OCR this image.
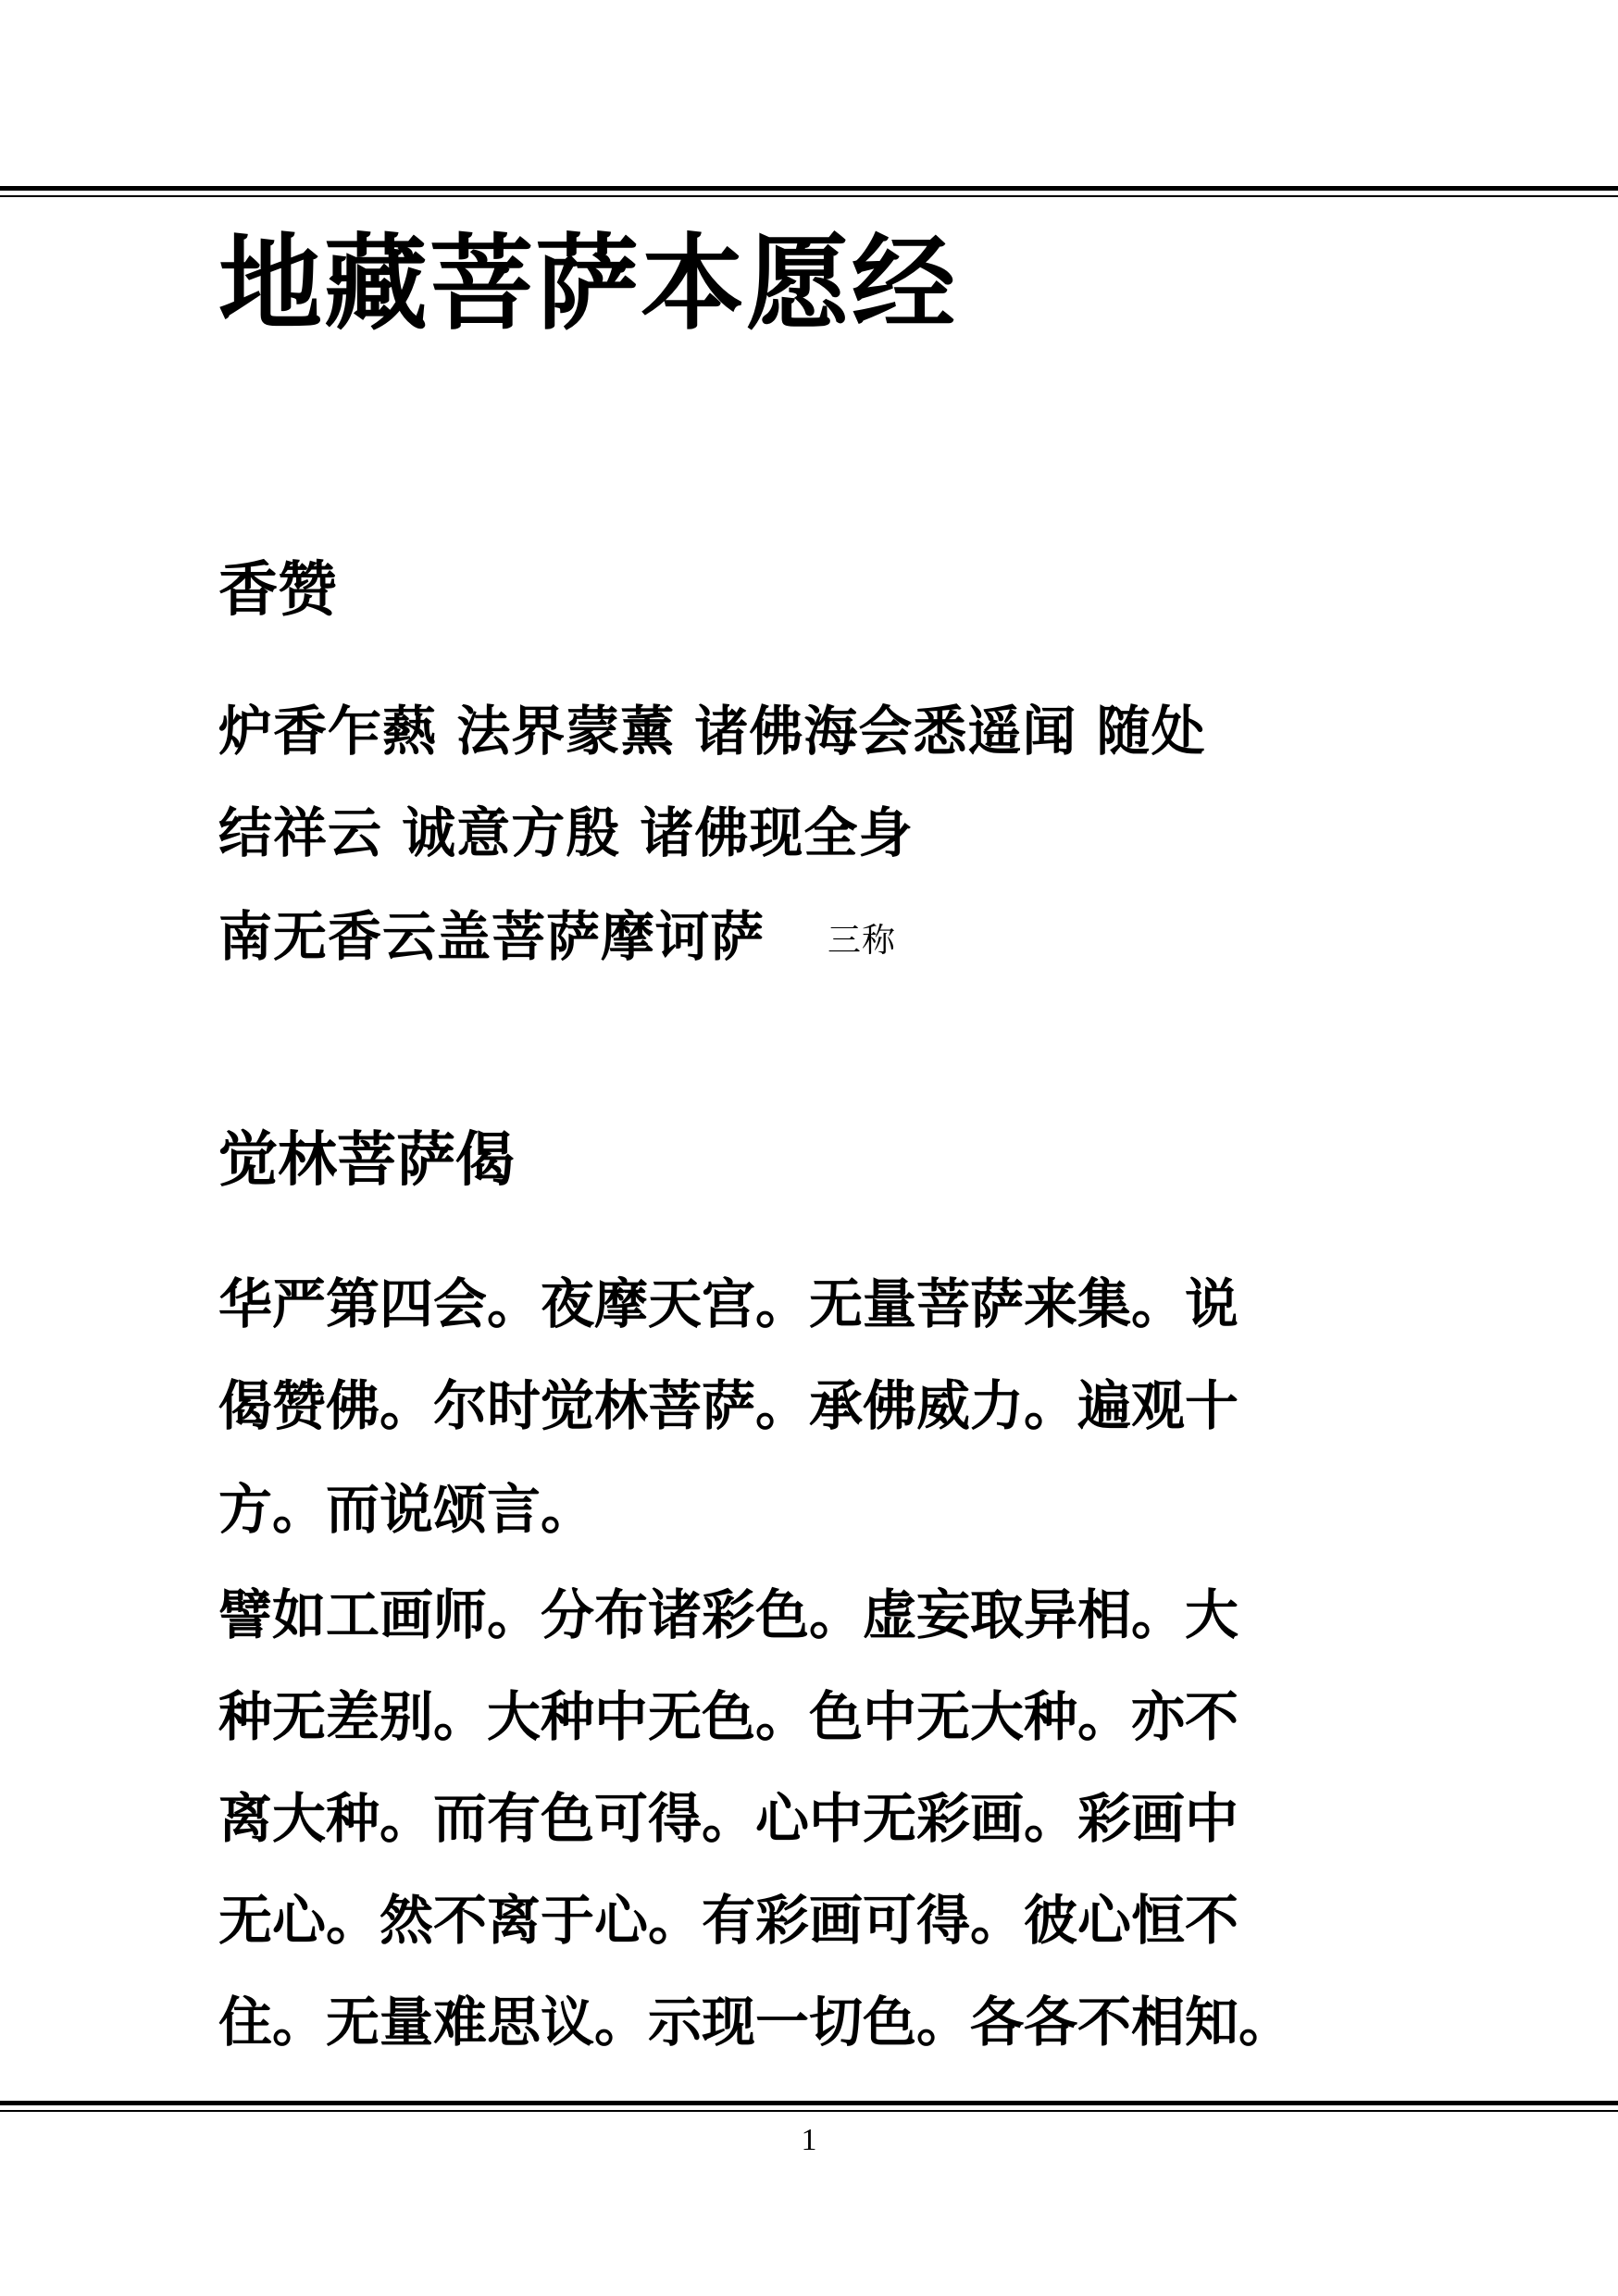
地藏菩萨本愿经
香赞

炉香乍爇 法界蒙薰 诸佛海会悉遥闻 随处

结祥云 诚意方殷 诸佛现全身

南无香云盖菩萨摩诃萨 三称

觉林菩萨偈

华严第四会。夜摩天宫。无量菩萨来集。说

偈赞佛。尔时觉林菩萨。承佛威力。遍观十

方。而说颂言。

譬如工画师。分布诸彩色。虚妄取异相。大

种无差别。大种中无色。色中无大种。亦不

离大种。而有色可得。心中无彩画。彩画中

无心。然不离于心。有彩画可得。彼心恒不

住。无量难思议。示现一切色。各各不相知。

1
